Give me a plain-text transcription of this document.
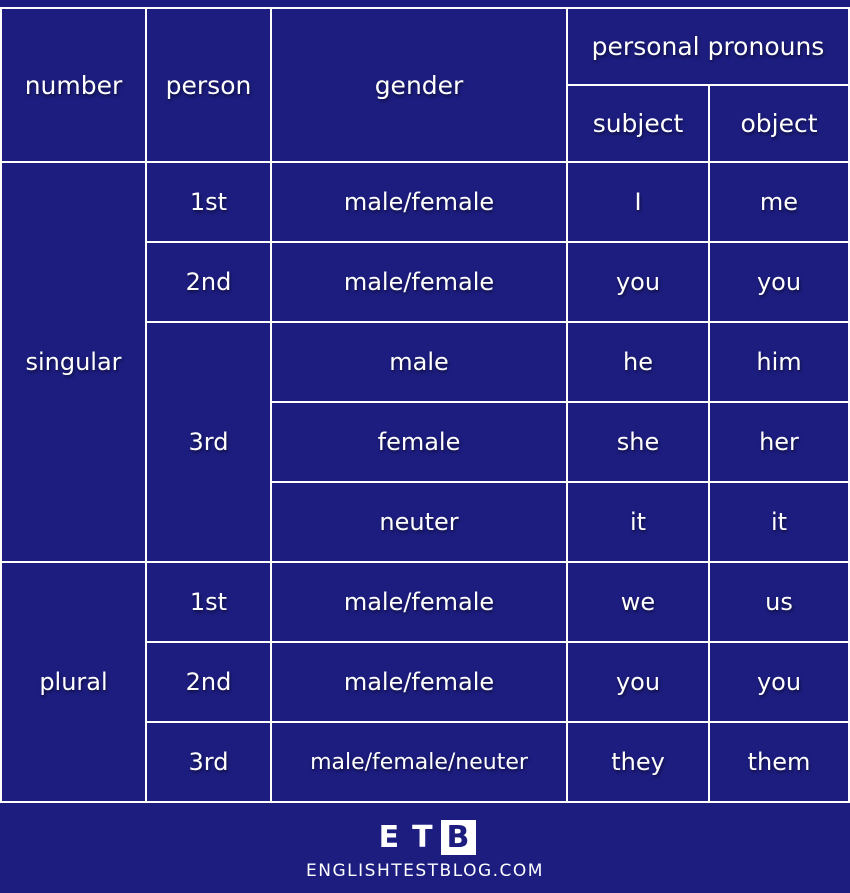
number	person	gender	personal pronouns	
			subject	object
singular	1st	male/female	I	me
	2nd	male/female	you	you
	3rd	male	he	him
		female	she	her
		neuter	it	it
plural	1st	male/female	we	us
	2nd	male/female	you	you
	3rd	male/female/neuter	they	them
E T B
ENGLISHTESTBLOG.COM
